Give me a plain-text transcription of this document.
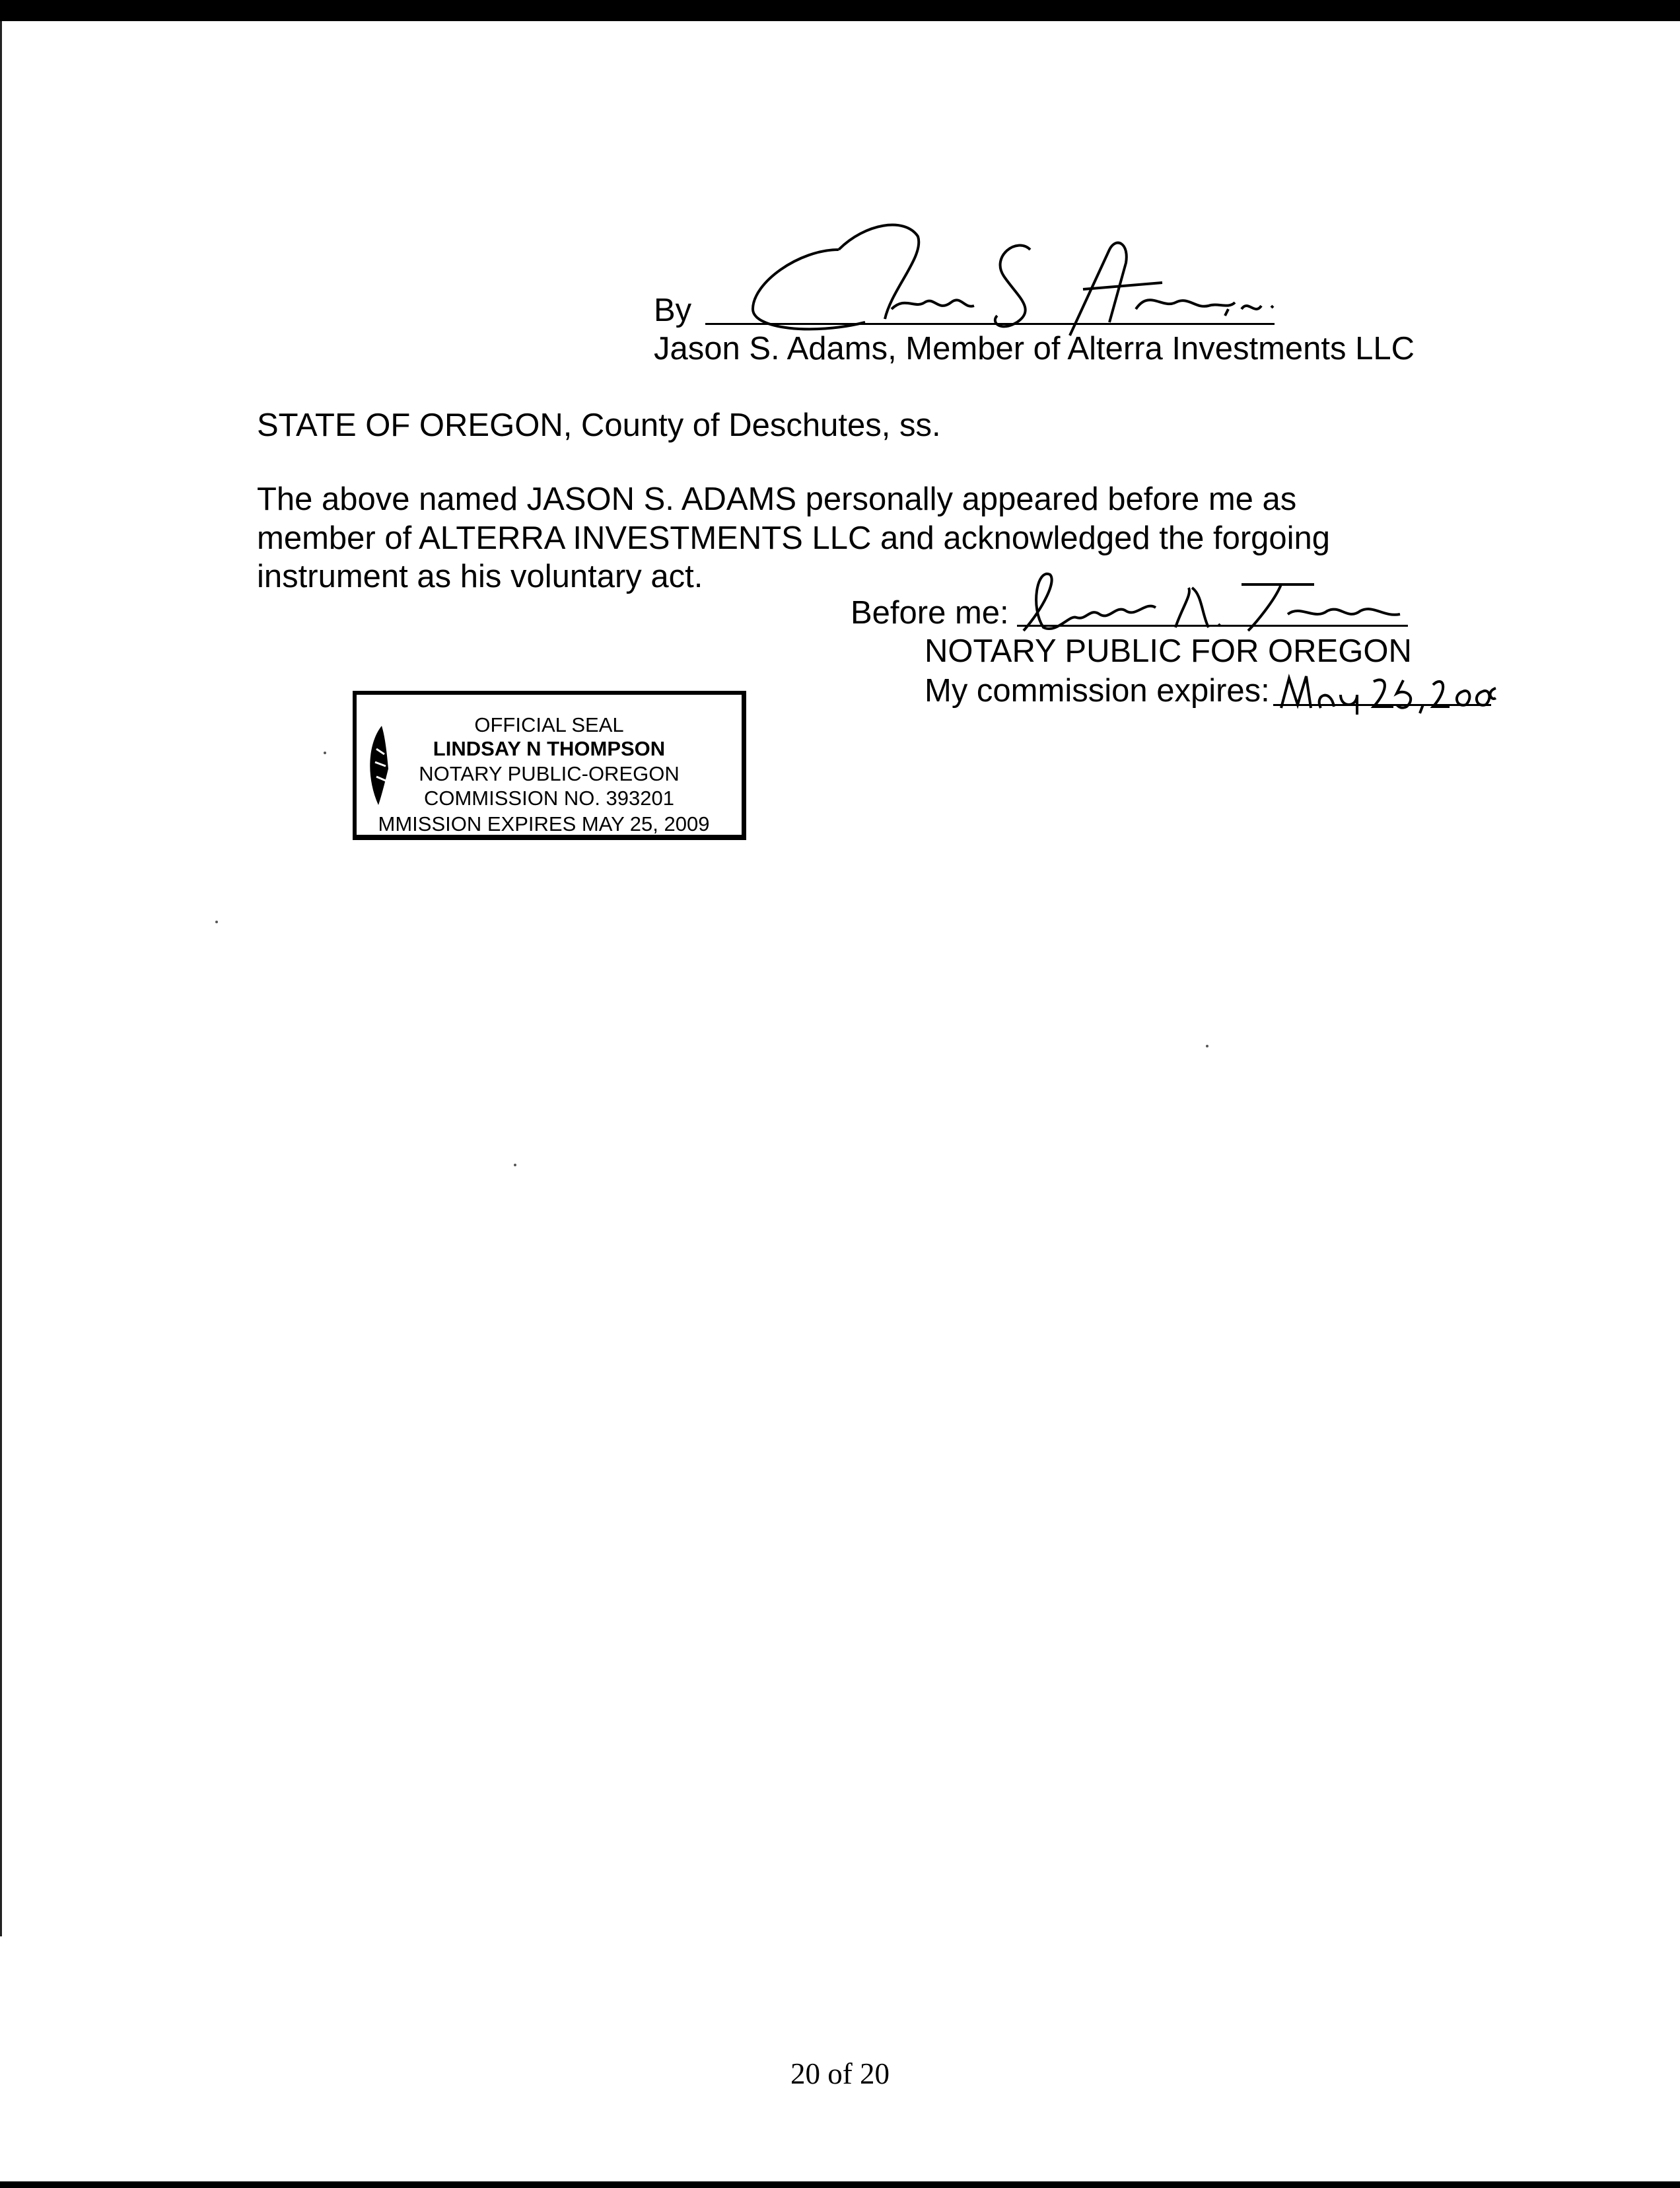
By
Jason S. Adams, Member of Alterra Investments LLC
STATE OF OREGON, County of Deschutes, ss.
The above named JASON S. ADAMS personally appeared before me as
member of ALTERRA INVESTMENTS LLC and acknowledged the forgoing
instrument as his voluntary act.
Before me:
NOTARY PUBLIC FOR OREGON
My commission expires:
OFFICIAL SEAL
LINDSAY N THOMPSON
NOTARY PUBLIC-OREGON
COMMISSION NO. 393201
MMISSION EXPIRES MAY 25, 2009
20 of 20
